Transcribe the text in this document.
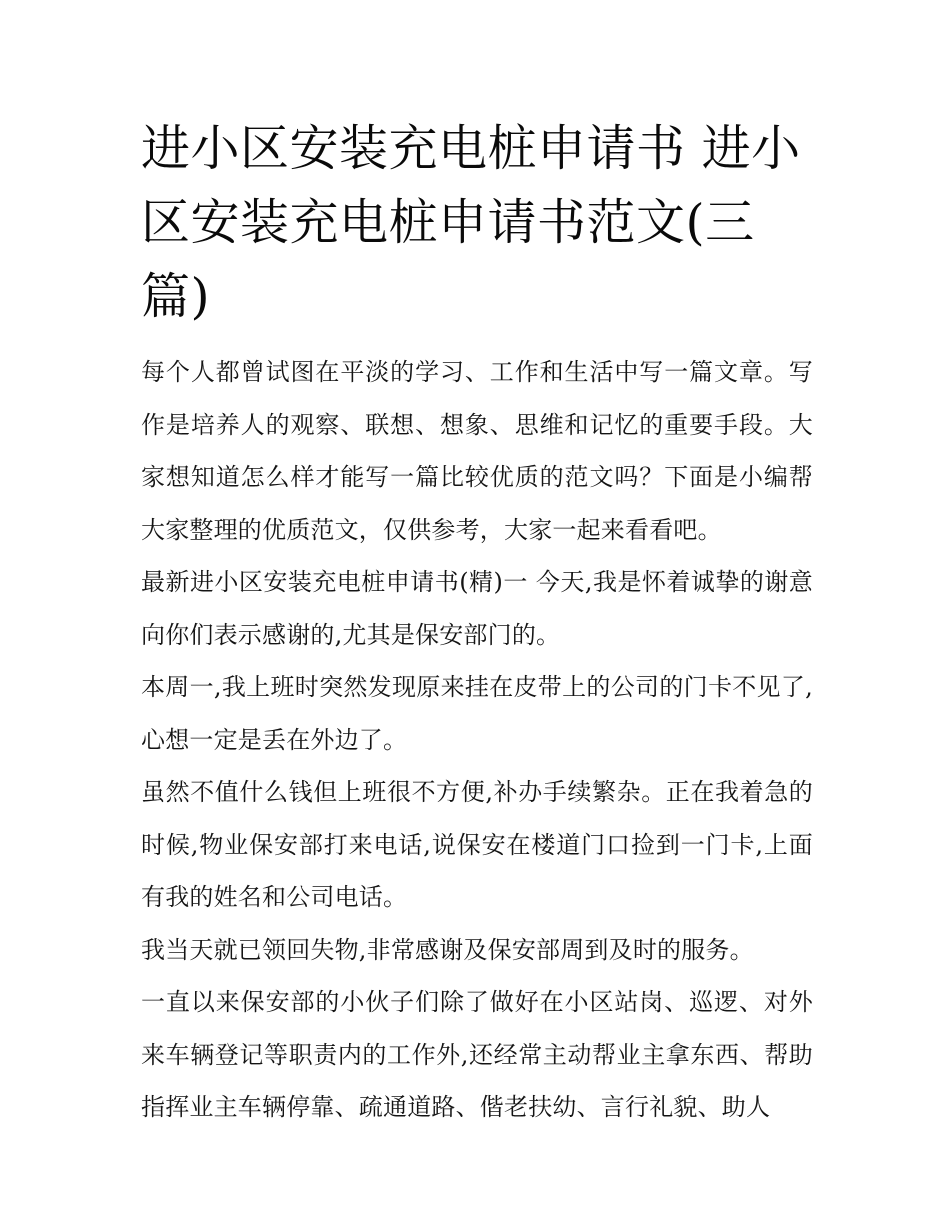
进小区安装充电桩申请书 进小区安装充电桩申请书范文(三篇)

每个人都曾试图在平淡的学习、工作和生活中写一篇文章。写作是培养人的观察、联想、想象、思维和记忆的重要手段。大家想知道怎么样才能写一篇比较优质的范文吗？下面是小编帮大家整理的优质范文，仅供参考，大家一起来看看吧。

最新进小区安装充电桩申请书(精)一 今天,我是怀着诚挚的谢意向你们表示感谢的,尤其是保安部门的。

本周一,我上班时突然发现原来挂在皮带上的公司的门卡不见了,心想一定是丢在外边了。

虽然不值什么钱但上班很不方便,补办手续繁杂。正在我着急的时候,物业保安部打来电话,说保安在楼道门口捡到一门卡,上面有我的姓名和公司电话。

我当天就已领回失物,非常感谢及保安部周到及时的服务。

一直以来保安部的小伙子们除了做好在小区站岗、巡逻、对外来车辆登记等职责内的工作外,还经常主动帮业主拿东西、帮助指挥业主车辆停靠、疏通道路、偕老扶幼、言行礼貌、助人
